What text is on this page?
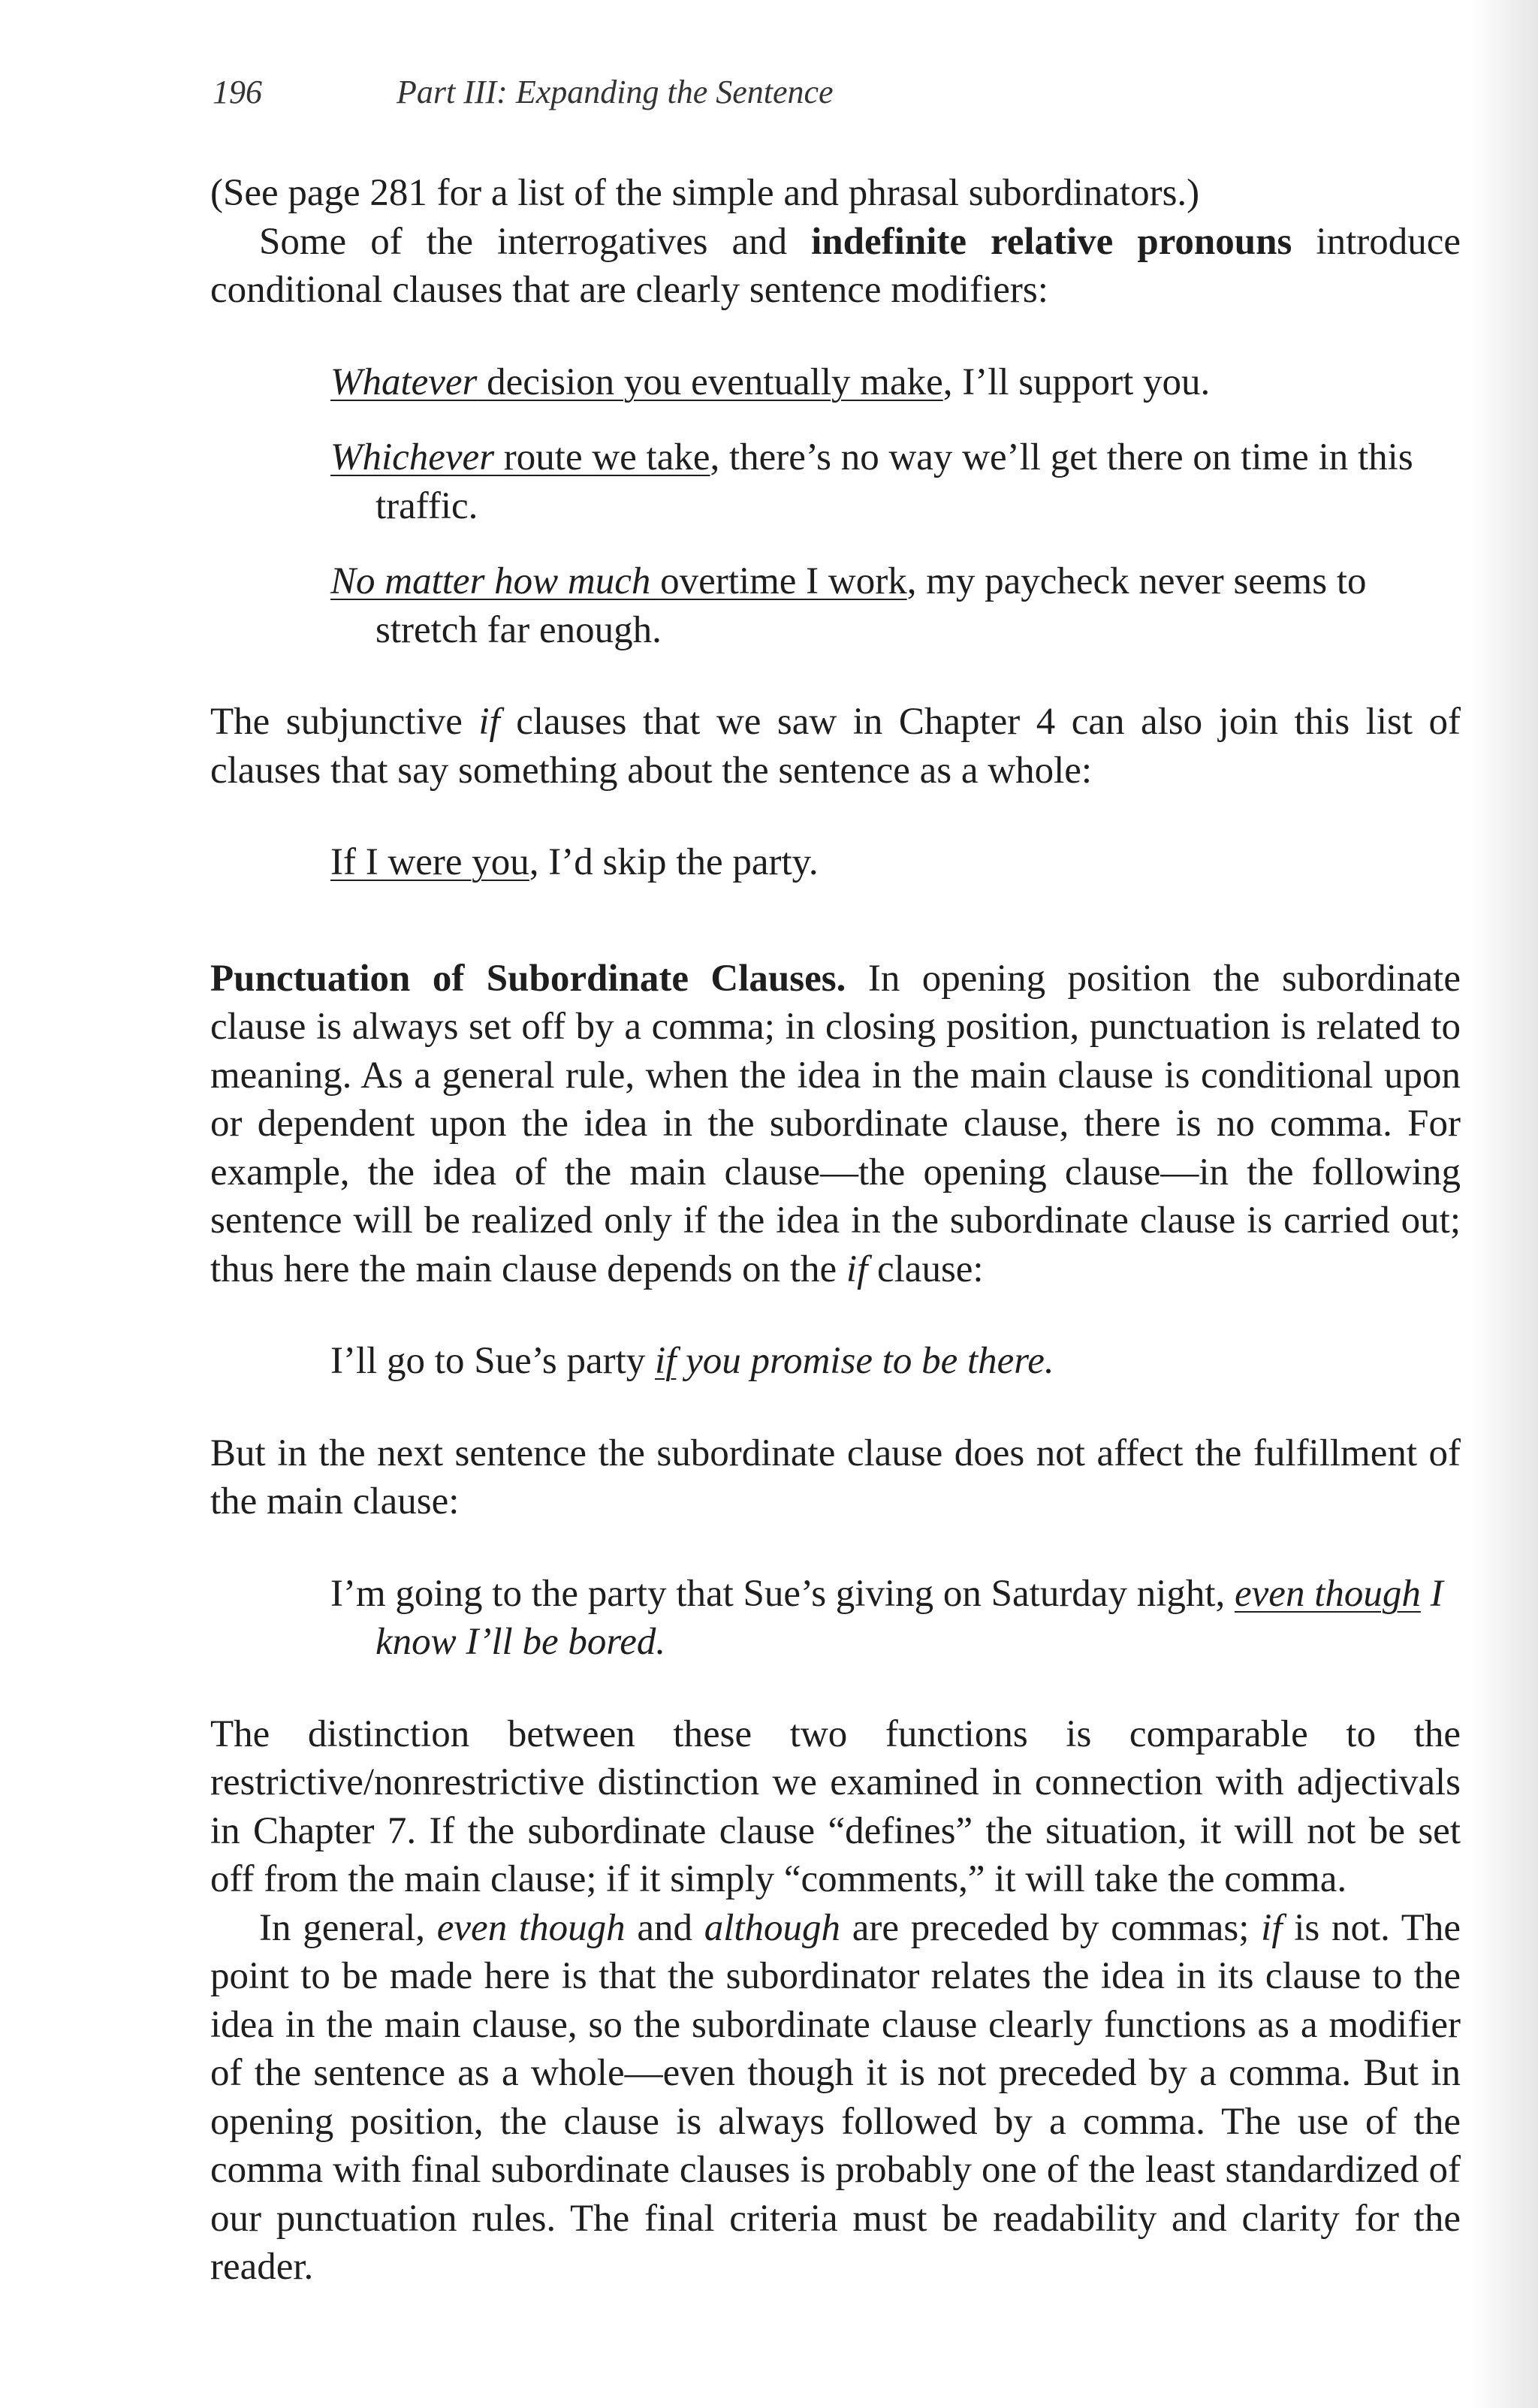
196	Part III: Expanding the Sentence

(See page 281 for a list of the simple and phrasal subordinators.)

Some of the interrogatives and indefinite relative pronouns introduce conditional clauses that are clearly sentence modifiers:

Whatever decision you eventually make, I’ll support you.

Whichever route we take, there’s no way we’ll get there on time in this traffic.

No matter how much overtime I work, my paycheck never seems to stretch far enough.

The subjunctive if clauses that we saw in Chapter 4 can also join this list of clauses that say something about the sentence as a whole:

If I were you, I’d skip the party.

Punctuation of Subordinate Clauses. In opening position the subordinate clause is always set off by a comma; in closing position, punctuation is related to meaning. As a general rule, when the idea in the main clause is conditional upon or dependent upon the idea in the subordinate clause, there is no comma. For example, the idea of the main clause—the opening clause—in the following sentence will be realized only if the idea in the subordinate clause is carried out; thus here the main clause depends on the if clause:

I’ll go to Sue’s party if you promise to be there.

But in the next sentence the subordinate clause does not affect the fulfillment of the main clause:

I’m going to the party that Sue’s giving on Saturday night, even though I know I’ll be bored.

The distinction between these two functions is comparable to the restrictive/nonrestrictive distinction we examined in connection with adjectivals in Chapter 7. If the subordinate clause “defines” the situation, it will not be set off from the main clause; if it simply “comments,” it will take the comma.

In general, even though and although are preceded by commas; if is not. The point to be made here is that the subordinator relates the idea in its clause to the idea in the main clause, so the subordinate clause clearly functions as a modifier of the sentence as a whole—even though it is not preceded by a comma. But in opening position, the clause is always followed by a comma. The use of the comma with final subordinate clauses is probably one of the least standardized of our punctuation rules. The final criteria must be readability and clarity for the reader.
